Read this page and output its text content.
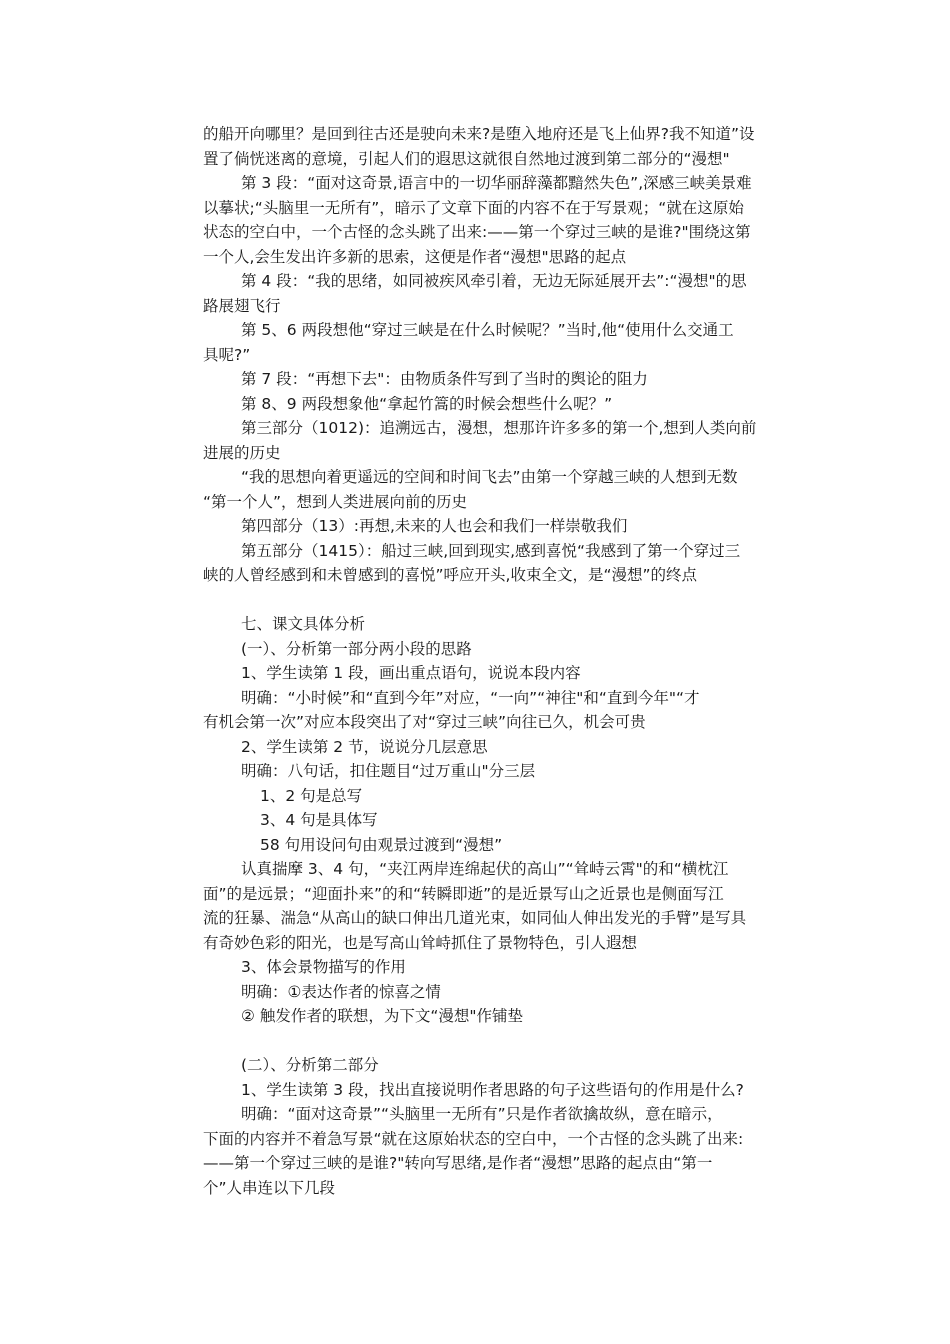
的船开向哪里？是回到往古还是驶向未来?是堕入地府还是飞上仙界?我不知道”设
置了倘恍迷离的意境，引起人们的遐思这就很自然地过渡到第二部分的“漫想"

第 3 段：“面对这奇景,语言中的一切华丽辞藻都黯然失色”,深感三峡美景难
以摹状;“头脑里一无所有”，暗示了文章下面的内容不在于写景观；“就在这原始
状态的空白中，一个古怪的念头跳了出来:——第一个穿过三峡的是谁?"围绕这第
一个人,会生发出许多新的思索，这便是作者“漫想"思路的起点

第 4 段：“我的思绪，如同被疾风牵引着，无边无际延展开去”:“漫想"的思
路展翅飞行

第 5、6 两段想他“穿过三峡是在什么时候呢？”当时,他“使用什么交通工
具呢?”

第 7 段：“再想下去"：由物质条件写到了当时的舆论的阻力

第 8、9 两段想象他“拿起竹篙的时候会想些什么呢？”

第三部分（1012)：追溯远古，漫想，想那许许多多的第一个,想到人类向前
进展的历史

“我的思想向着更遥远的空间和时间飞去”由第一个穿越三峡的人想到无数
“第一个人”，想到人类进展向前的历史

第四部分（13）:再想,未来的人也会和我们一样崇敬我们

第五部分（1415）：船过三峡,回到现实,感到喜悦“我感到了第一个穿过三
峡的人曾经感到和未曾感到的喜悦”呼应开头,收束全文，是“漫想”的终点

七、课文具体分析

(一）、分析第一部分两小段的思路

1、学生读第 1 段，画出重点语句，说说本段内容

明确：“小时候”和“直到今年”对应，“一向”“神往"和“直到今年"“才
有机会第一次”对应本段突出了对“穿过三峡”向往已久，机会可贵

2、学生读第 2 节，说说分几层意思

明确：八句话，扣住题目“过万重山"分三层

1、2 句是总写

3、4 句是具体写

58 句用设问句由观景过渡到“漫想”

认真揣摩 3、4 句，“夹江两岸连绵起伏的高山”“耸峙云霄"的和“横枕江
面”的是远景；“迎面扑来”的和“转瞬即逝”的是近景写山之近景也是侧面写江
流的狂暴、湍急“从高山的缺口伸出几道光束，如同仙人伸出发光的手臂”是写具
有奇妙色彩的阳光，也是写高山耸峙抓住了景物特色，引人遐想

3、体会景物描写的作用

明确：①表达作者的惊喜之情

② 触发作者的联想，为下文“漫想"作铺垫

(二）、分析第二部分

1、学生读第 3 段，找出直接说明作者思路的句子这些语句的作用是什么?

明确：“面对这奇景”“头脑里一无所有”只是作者欲擒故纵，意在暗示，
下面的内容并不着急写景“就在这原始状态的空白中，一个古怪的念头跳了出来:
——第一个穿过三峡的是谁?"转向写思绪,是作者“漫想”思路的起点由“第一
个”人串连以下几段
